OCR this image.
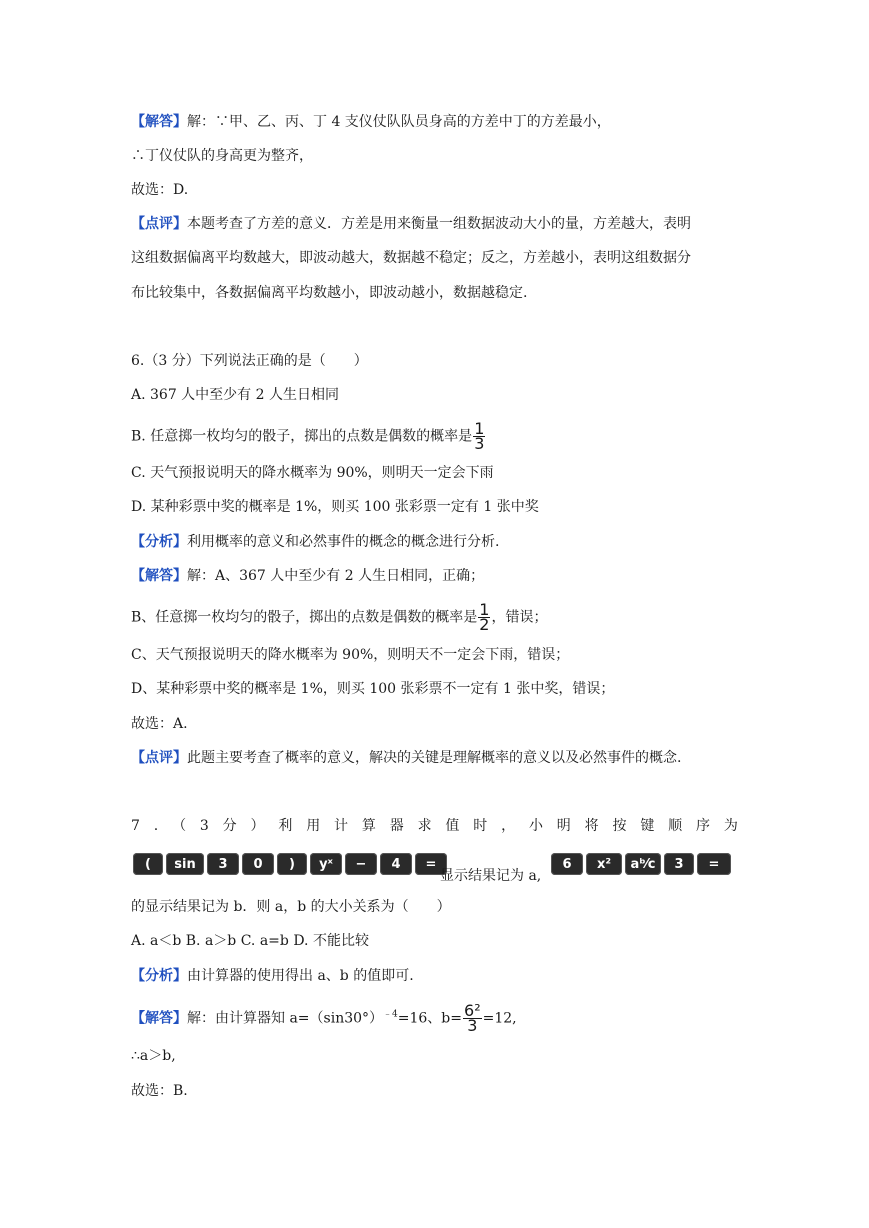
【解答】解：∵甲、乙、丙、丁 4 支仪仗队队员身高的方差中丁的方差最小，
∴丁仪仗队的身高更为整齐，
故选：D.
【点评】本题考查了方差的意义．方差是用来衡量一组数据波动大小的量，方差越大，表明
这组数据偏离平均数越大，即波动越大，数据越不稳定；反之，方差越小，表明这组数据分
布比较集中，各数据偏离平均数越小，即波动越小，数据越稳定.
6.（3 分）下列说法正确的是（　　）
A. 367 人中至少有 2 人生日相同
B. 任意掷一枚均匀的骰子，掷出的点数是偶数的概率是 $\frac{1}{3}$
C. 天气预报说明天的降水概率为 90%，则明天一定会下雨
D. 某种彩票中奖的概率是 1%，则买 100 张彩票一定有 1 张中奖
【分析】利用概率的意义和必然事件的概念的概念进行分析.
【解答】解：A、367 人中至少有 2 人生日相同，正确；
B、任意掷一枚均匀的骰子，掷出的点数是偶数的概率是 $\frac{1}{2}$ ，错误；
C、天气预报说明天的降水概率为 90%，则明天不一定会下雨，错误；
D、某种彩票中奖的概率是 1%，则买 100 张彩票不一定有 1 张中奖，错误；
故选：A.
【点评】此题主要考查了概率的意义，解决的关键是理解概率的意义以及必然事件的概念.
7 . （ 3 分 ） 利 用 计 算 器 求 值 时 ， 小 明 将 按 键 顺 序 为
(	sin	3	0	)	yˣ	−	4	=
显示结果记为 a,
6	x²	aᵇ⁄c	3	=
的显示结果记为 b．则 a，b 的大小关系为（　　）
A. a＜b B. a＞b C. a=b D. 不能比较
【分析】由计算器的使用得出 a、b 的值即可.
【解答】解：由计算器知 $a=(\sin 30^\circ)^{﹣4}=16$、$b= \frac{\text{6²}}{3} =12$,
∴a＞b,
故选：B.
